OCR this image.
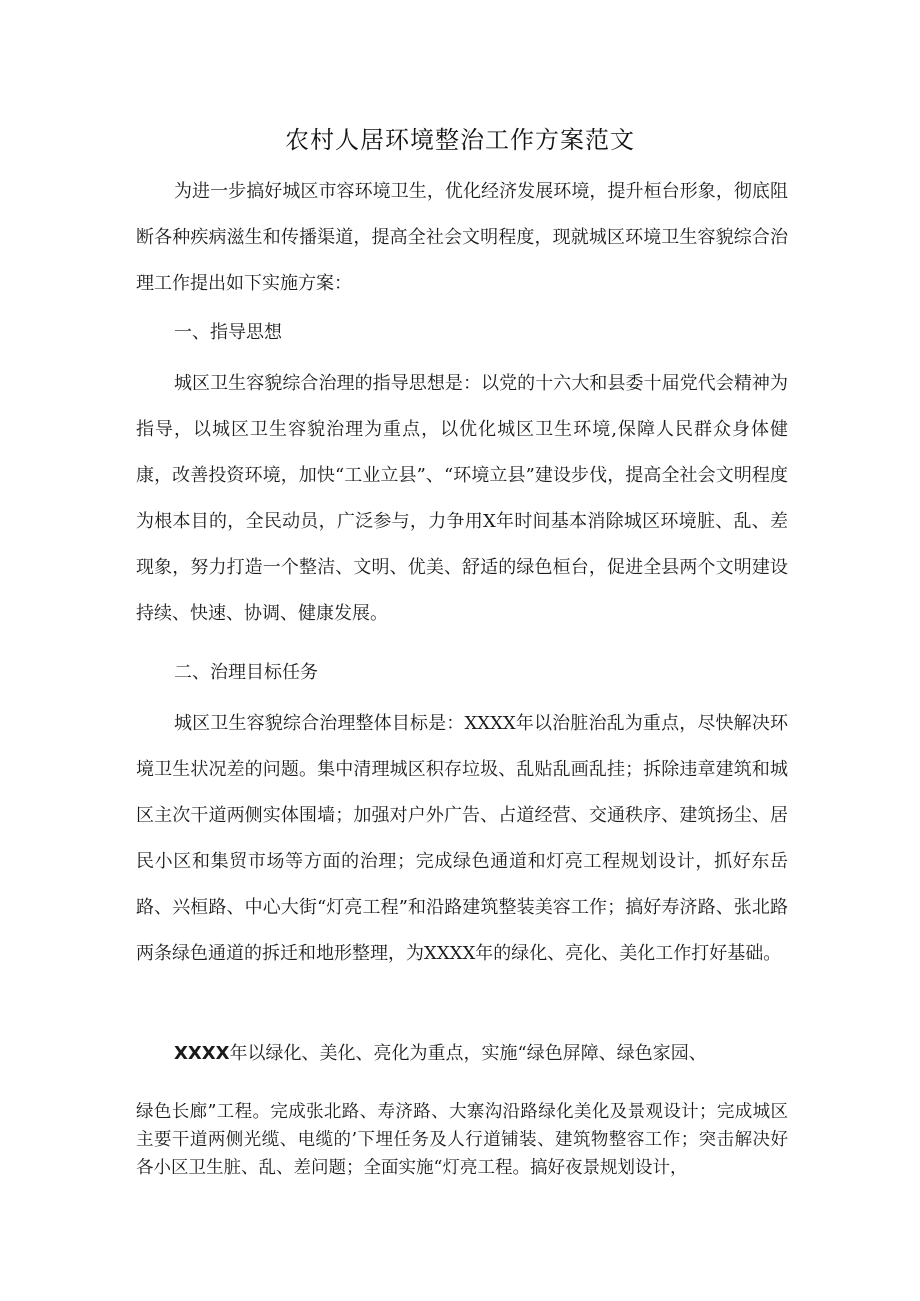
农村人居环境整治工作方案范文
为进一步搞好城区市容环境卫生，优化经济发展环境，提升桓台形象，彻底阻断各种疾病滋生和传播渠道，提高全社会文明程度，现就城区环境卫生容貌综合治理工作提出如下实施方案：
一、指导思想
城区卫生容貌综合治理的指导思想是：以党的十六大和县委十届党代会精神为指导，以城区卫生容貌治理为重点，以优化城区卫生环境,保障人民群众身体健康，改善投资环境，加快“工业立县”、“环境立县”建设步伐，提高全社会文明程度为根本目的，全民动员，广泛参与，力争用X年时间基本消除城区环境脏、乱、差现象，努力打造一个整洁、文明、优美、舒适的绿色桓台，促进全县两个文明建设持续、快速、协调、健康发展。
二、治理目标任务
城区卫生容貌综合治理整体目标是：XXXX年以治脏治乱为重点，尽快解决环境卫生状况差的问题。集中清理城区积存垃圾、乱贴乱画乱挂；拆除违章建筑和城区主次干道两侧实体围墙；加强对户外广告、占道经营、交通秩序、建筑扬尘、居民小区和集贸市场等方面的治理；完成绿色通道和灯亮工程规划设计，抓好东岳路、兴桓路、中心大街“灯亮工程”和沿路建筑整装美容工作；搞好寿济路、张北路两条绿色通道的拆迁和地形整理，为XXXX年的绿化、亮化、美化工作打好基础。
XXXX年以绿化、美化、亮化为重点，实施“绿色屏障、绿色家园、
绿色长廊”工程。完成张北路、寿济路、大寨沟沿路绿化美化及景观设计；完成城区主要干道两侧光缆、电缆的’下埋任务及人行道铺装、建筑物整容工作；突击解决好各小区卫生脏、乱、差问题；全面实施“灯亮工程。搞好夜景规划设计，
